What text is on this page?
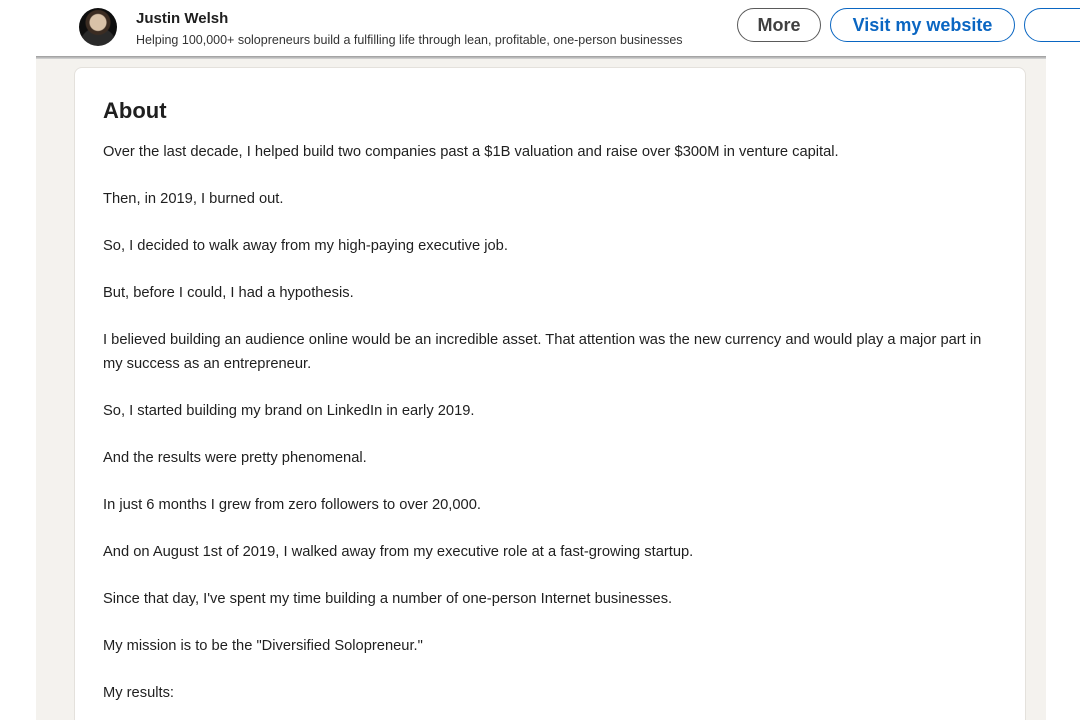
Justin Welsh
Helping 100,000+ solopreneurs build a fulfilling life through lean, profitable, one-person businesses
More	Visit my website
About

Over the last decade, I helped build two companies past a $1B valuation and raise over $300M in venture capital.

Then, in 2019, I burned out.

So, I decided to walk away from my high-paying executive job.

But, before I could, I had a hypothesis.

I believed building an audience online would be an incredible asset. That attention was the new currency and would play a major part in my success as an entrepreneur.

So, I started building my brand on LinkedIn in early 2019.

And the results were pretty phenomenal.

In just 6 months I grew from zero followers to over 20,000.

And on August 1st of 2019, I walked away from my executive role at a fast-growing startup.

Since that day, I've spent my time building a number of one-person Internet businesses.

My mission is to be the "Diversified Solopreneur."

My results:
